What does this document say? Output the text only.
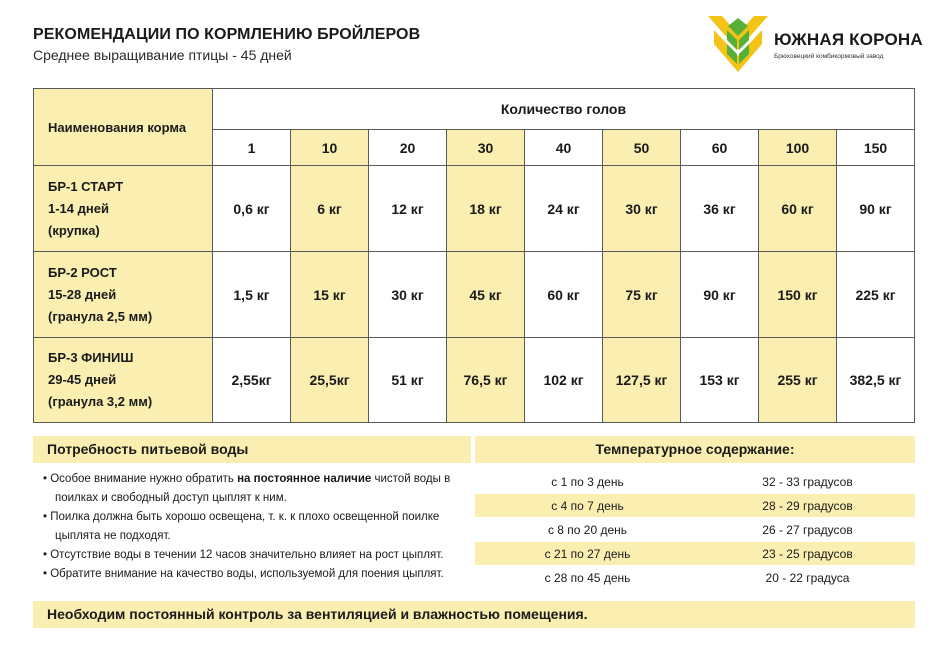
РЕКОМЕНДАЦИИ ПО КОРМЛЕНИЮ БРОЙЛЕРОВ
Среднее выращивание птицы - 45 дней
ЮЖНАЯ КОРОНА
Брюховецкий комбикормовый завод
Наименования корма	Количество голов								
	1	10	20	30	40	50	60	100	150

БР-1 СТАРТ
1-14 дней
(крупка)	0,6 кг	6 кг	12 кг	18 кг	24 кг	30 кг	36 кг	60 кг	90 кг

БР-2 РОСТ
15-28 дней
(гранула 2,5 мм)	1,5 кг	15 кг	30 кг	45 кг	60 кг	75 кг	90 кг	150 кг	225 кг

БР-3 ФИНИШ
29-45 дней
(гранула 3,2 мм)	2,55кг	25,5кг	51 кг	76,5 кг	102 кг	127,5 кг	153 кг	255 кг	382,5 кг
Потребность питьевой воды
• Особое внимание нужно обратить на постоянное наличие чистой воды в поилках и свободный доступ цыплят к ним.
• Поилка должна быть хорошо освещена, т. к. к плохо освещенной поилке цыплята не подходят.
• Отсутствие воды в течении 12 часов значительно влияет на рост цыплят.
• Обратите внимание на качество воды, используемой для поения цыплят.
Температурное содержание:
с 1 по 3 день	32 - 33 градусов
с 4 по 7 день	28 - 29 градусов
с 8 по 20 день	26 - 27 градусов
с 21 по 27 день	23 - 25 градусов
с 28 по 45 день	20 - 22 градуса
Необходим постоянный контроль за вентиляцией и влажностью помещения.
